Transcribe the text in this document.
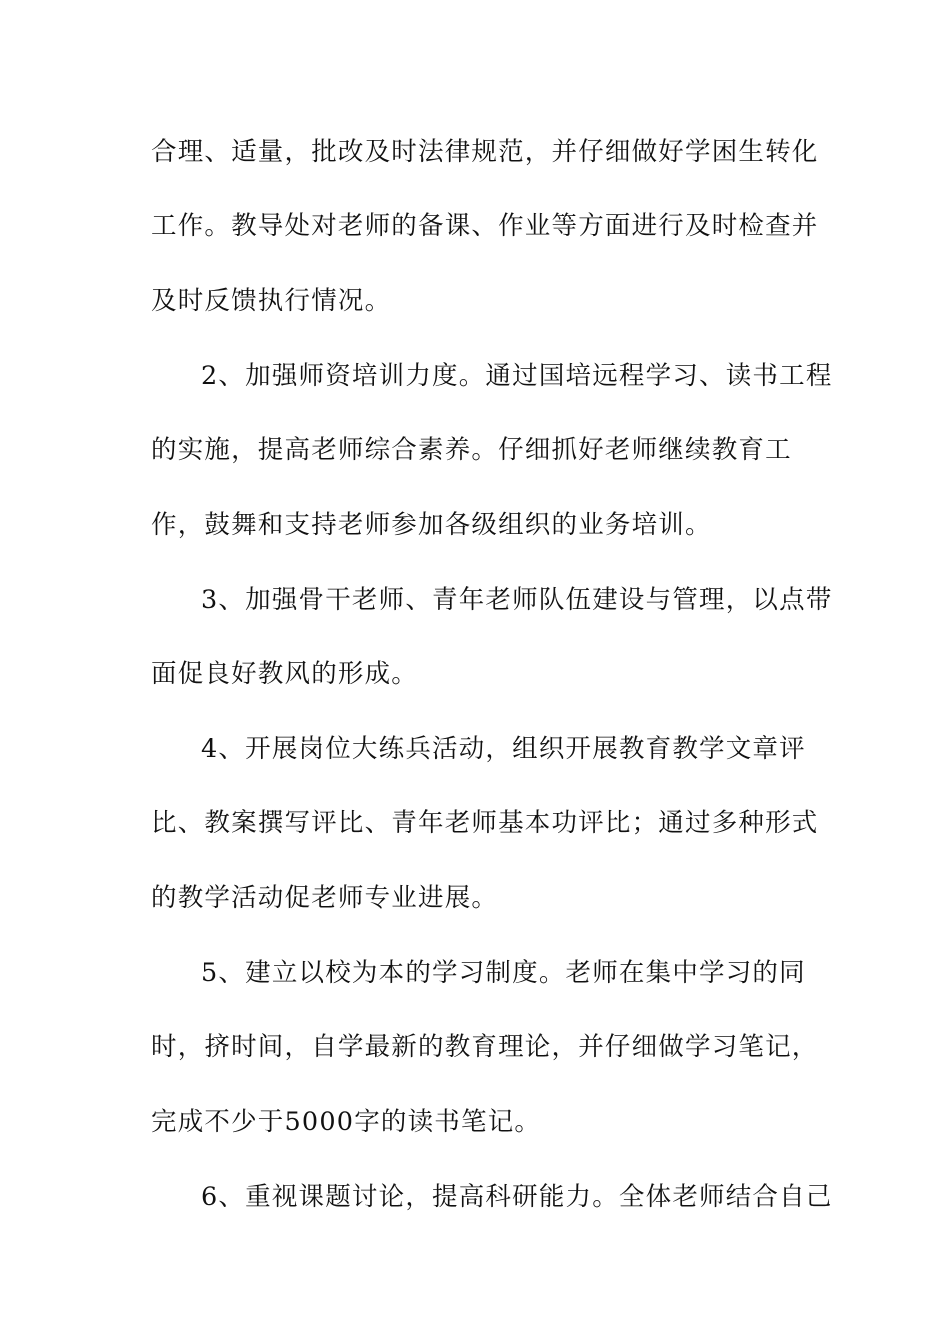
合理、适量，批改及时法律规范，并仔细做好学困生转化
工作。教导处对老师的备课、作业等方面进行及时检查并
及时反馈执行情况。
2、加强师资培训力度。通过国培远程学习、读书工程
的实施，提高老师综合素养。仔细抓好老师继续教育工
作，鼓舞和支持老师参加各级组织的业务培训。
3、加强骨干老师、青年老师队伍建设与管理，以点带
面促良好教风的形成。
4、开展岗位大练兵活动，组织开展教育教学文章评
比、教案撰写评比、青年老师基本功评比；通过多种形式
的教学活动促老师专业进展。
5、建立以校为本的学习制度。老师在集中学习的同
时，挤时间，自学最新的教育理论，并仔细做学习笔记，
完成不少于5000字的读书笔记。
6、重视课题讨论，提高科研能力。全体老师结合自己
